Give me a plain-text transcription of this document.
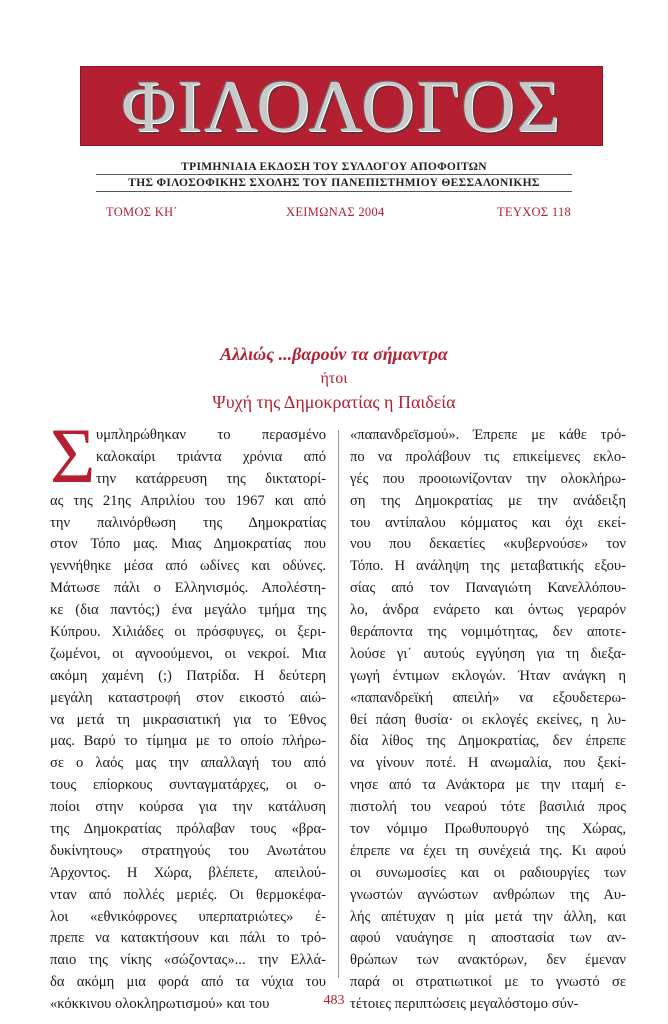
ΦΙΛΟΛΟΓΟΣ
ΤΡΙΜΗΝΙΑΙΑ ΕΚΔΟΣΗ ΤΟΥ ΣΥΛΛΟΓΟΥ ΑΠΟΦΟΙΤΩΝ
ΤΗΣ ΦΙΛΟΣΟΦΙΚΗΣ ΣΧΟΛΗΣ ΤΟΥ ΠΑΝΕΠΙΣΤΗΜΙΟΥ ΘΕΣΣΑΛΟΝΙΚΗΣ
ΤΟΜΟΣ ΚΗ΄	ΧΕΙΜΩΝΑΣ 2004	ΤΕΥΧΟΣ 118
Αλλιώς ...βαρούν τα σήμαντρα
ήτοι
Ψυχή της Δημοκρατίας η Παιδεία
Σ υμπληρώθηκαν το περασμένο
καλοκαίρι τριάντα χρόνια από
την κατάρρευση της δικτατορί-
ας της 21ης Απριλίου του 1967 και από
την παλινόρθωση της Δημοκρατίας
στον Τόπο μας. Μιας Δημοκρατίας που
γεννήθηκε μέσα από ωδίνες και οδύνες.
Μάτωσε πάλι ο Ελληνισμός. Απολέστη-
κε (δια παντός;) ένα μεγάλο τμήμα της
Κύπρου. Χιλιάδες οι πρόσφυγες, οι ξερι-
ζωμένοι, οι αγνοούμενοι, οι νεκροί. Μια
ακόμη χαμένη (;) Πατρίδα. Η δεύτερη
μεγάλη καταστροφή στον εικοστό αιώ-
να μετά τη μικρασιατική για το Έθνος
μας. Βαρύ το τίμημα με το οποίο πλήρω-
σε ο λαός μας την απαλλαγή του από
τους επίορκους συνταγματάρχες, οι ο-
ποίοι στην κούρσα για την κατάλυση
της Δημοκρατίας πρόλαβαν τους «βρα-
δυκίνητους» στρατηγούς του Ανωτάτου
Άρχοντος. Η Χώρα, βλέπετε, απειλού-
νταν από πολλές μεριές. Οι θερμοκέφα-
λοι «εθνικόφρονες υπερπατριώτες» έ-
πρεπε να κατακτήσουν και πάλι το τρό-
παιο της νίκης «σώζοντας»... την Ελλά-
δα ακόμη μια φορά από τα νύχια του
«κόκκινου ολοκληρωτισμού» και του
«παπανδρεϊσμού». Έπρεπε με κάθε τρό-
πο να προλάβουν τις επικείμενες εκλο-
γές που προοιωνίζονταν την ολοκλήρω-
ση της Δημοκρατίας με την ανάδειξη
του αντίπαλου κόμματος και όχι εκεί-
νου που δεκαετίες «κυβερνούσε» τον
Τόπο. Η ανάληψη της μεταβατικής εξου-
σίας από τον Παναγιώτη Κανελλόπου-
λο, άνδρα ενάρετο και όντως γεραρόν
θεράποντα της νομιμότητας, δεν αποτε-
λούσε γι΄ αυτούς εγγύηση για τη διεξα-
γωγή έντιμων εκλογών. Ήταν ανάγκη η
«παπανδρεϊκή απειλή» να εξουδετερω-
θεί πάση θυσία· οι εκλογές εκείνες, η λυ-
δία λίθος της Δημοκρατίας, δεν έπρεπε
να γίνουν ποτέ. Η ανωμαλία, που ξεκί-
νησε από τα Ανάκτορα με την ιταμή ε-
πιστολή του νεαρού τότε βασιλιά προς
τον νόμιμο Πρωθυπουργό της Χώρας,
έπρεπε να έχει τη συνέχειά της. Κι αφού
οι συνωμοσίες και οι ραδιουργίες των
γνωστών αγνώστων ανθρώπων της Αυ-
λής απέτυχαν η μία μετά την άλλη, και
αφού ναυάγησε η αποστασία των αν-
θρώπων των ανακτόρων, δεν έμεναν
παρά οι στρατιωτικοί με το γνωστό σε
τέτοιες περιπτώσεις μεγαλόστομο σύν-
483
